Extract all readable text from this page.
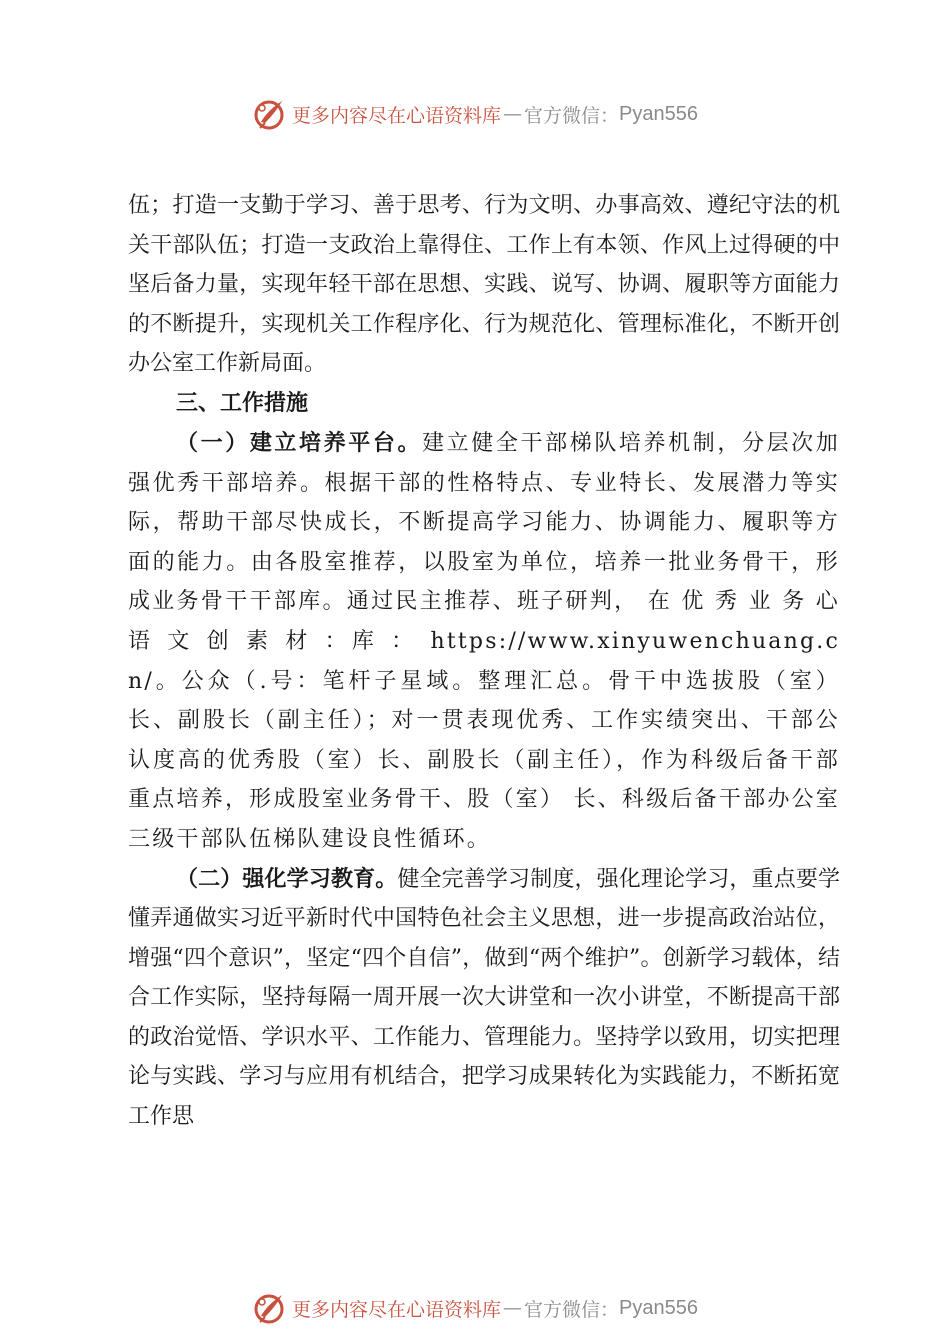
更多内容尽在心语资料库 — 官方微信： Pyan556

伍；打造一支勤于学习、善于思考、行为文明、办事高效、遵纪守法的机关干部队伍；打造一支政治上靠得住、工作上有本领、作风上过得硬的中坚后备力量，实现年轻干部在思想、实践、说写、协调、履职等方面能力的不断提升，实现机关工作程序化、行为规范化、管理标准化，不断开创办公室工作新局面。

三、工作措施

（一）建立培养平台。建立健全干部梯队培养机制，分层次加强优秀干部培养。根据干部的性格特点、专业特长、发展潜力等实际，帮助干部尽快成长，不断提高学习能力、协调能力、履职等方面的能力。由各股室推荐，以股室为单位，培养一批业务骨干，形成业务骨干干部库。通过民主推荐、班子研判， 在 优 秀 业 务 心 语 文 创 素 材 ：库 ： https://www.xinyuwenchuang.cn/。公众（.号：笔杆子星域。整理汇总。骨干中选拔股（室）长、副股长（副主任）；对一贯表现优秀、工作实绩突出、干部公认度高的优秀股（室）长、副股长（副主任），作为科级后备干部重点培养，形成股室业务骨干、股（室） 长、科级后备干部办公室三级干部队伍梯队建设良性循环。

（二）强化学习教育。健全完善学习制度，强化理论学习，重点要学懂弄通做实习近平新时代中国特色社会主义思想，进一步提高政治站位，增强“四个意识”，坚定“四个自信”，做到“两个维护”。创新学习载体，结合工作实际，坚持每隔一周开展一次大讲堂和一次小讲堂，不断提高干部的政治觉悟、学识水平、工作能力、管理能力。坚持学以致用，切实把理论与实践、学习与应用有机结合，把学习成果转化为实践能力，不断拓宽工作思

更多内容尽在心语资料库 — 官方微信： Pyan556
